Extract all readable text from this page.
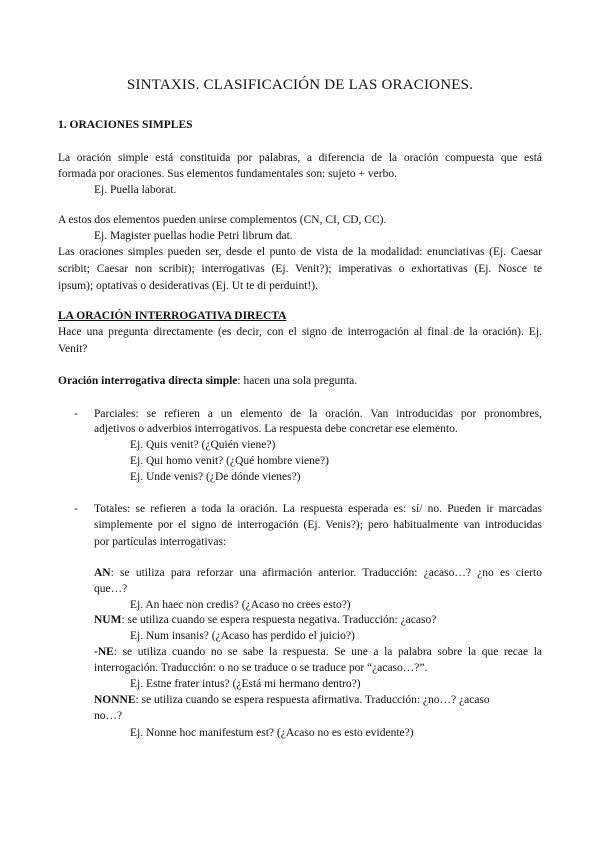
SINTAXIS. CLASIFICACIÓN DE LAS ORACIONES.
1. ORACIONES SIMPLES
La oración simple está constituida por palabras, a diferencia de la oración compuesta que está
formada por oraciones. Sus elementos fundamentales son: sujeto + verbo.
Ej. Puella laborat.
A estos dos elementos pueden unirse complementos (CN, CI, CD, CC).
Ej. Magister puellas hodie Petri librum dat.
Las oraciones simples pueden ser, desde el punto de vista de la modalidad: enunciativas (Ej. Caesar
scribit; Caesar non scribit); interrogativas (Ej. Venit?); imperativas o exhortativas (Ej. Nosce te
ipsum); optativas o desiderativas (Ej. Ut te di perduint!).
LA ORACIÓN INTERROGATIVA DIRECTA
Hace una pregunta directamente (es decir, con el signo de interrogación al final de la oración). Ej.
Venit?
Oración interrogativa directa simple: hacen una sola pregunta.
- Parciales: se refieren a un elemento de la oración. Van introducidas por pronombres,
adjetivos o adverbios interrogativos. La respuesta debe concretar ese elemento.
Ej. Quis venit? (¿Quién viene?)
Ej. Qui homo venit? (¿Qué hombre viene?)
Ej. Unde venis? (¿De dónde vienes?)
- Totales: se refieren a toda la oración. La respuesta esperada es: sí/ no. Pueden ir marcadas
simplemente por el signo de interrogación (Ej. Venis?); pero habitualmente van introducidas
por partículas interrogativas:
AN: se utiliza para reforzar una afirmación anterior. Traducción: ¿acaso…? ¿no es cierto
que…?
Ej. An haec non credis? (¿Acaso no crees esto?)
NUM: se utiliza cuando se espera respuesta negativa. Traducción: ¿acaso?
Ej. Num insanis? (¿Acaso has perdido el juicio?)
-NE: se utiliza cuando no se sabe la respuesta. Se une a la palabra sobre la que recae la
interrogación. Traducción: o no se traduce o se traduce por “¿acaso…?”.
Ej. Estne frater intus? (¿Está mi hermano dentro?)
NONNE: se utiliza cuando se espera respuesta afirmativa. Traducción: ¿no…? ¿acaso
no…?
Ej. Nonne hoc manifestum est? (¿Acaso no es esto evidente?)
